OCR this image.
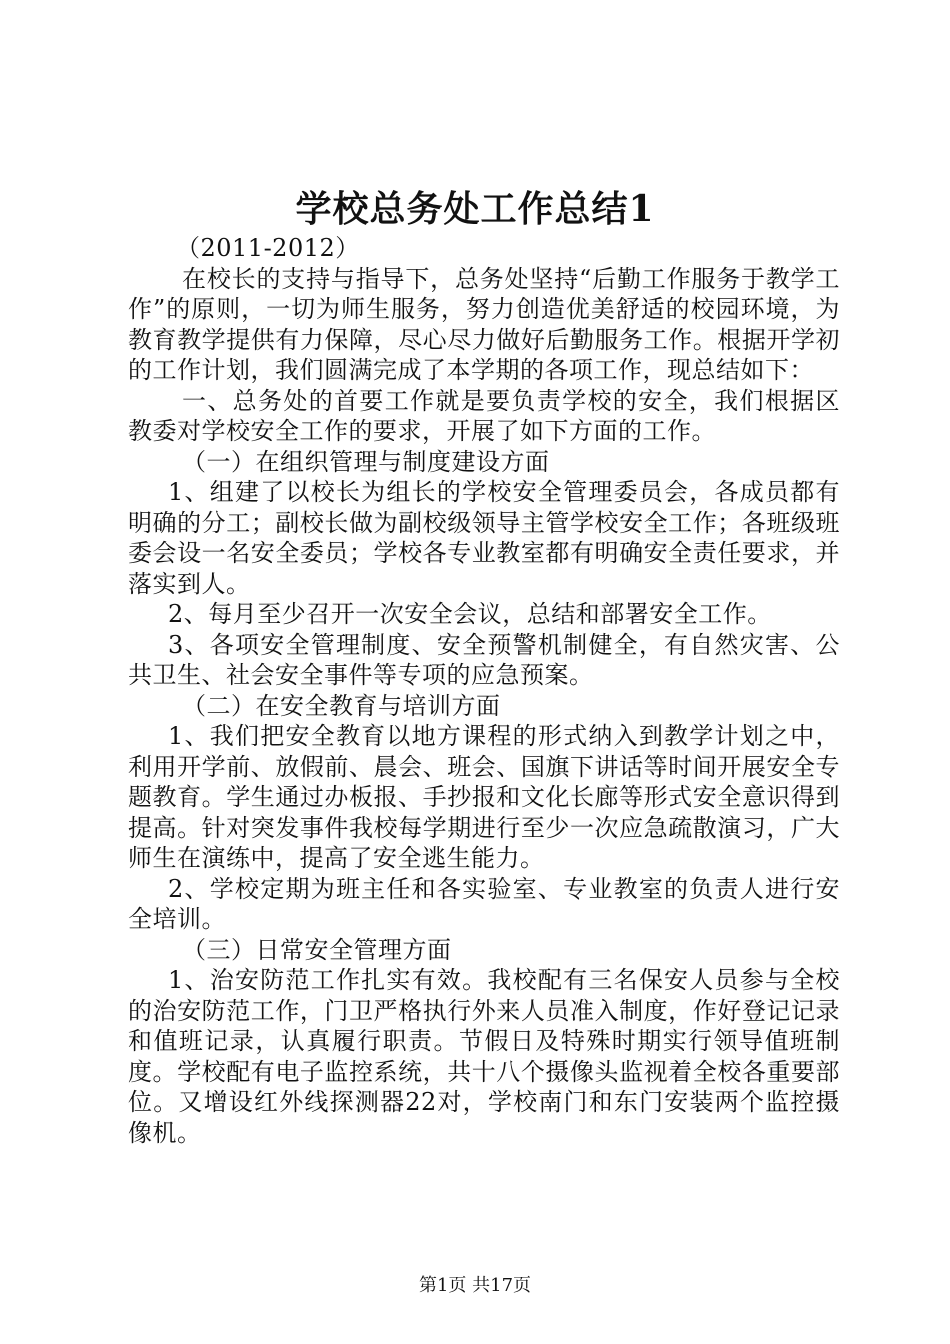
学校总务处工作总结1

（2011-2012）

在校长的支持与指导下，总务处坚持“后勤工作服务于教学工作”的原则，一切为师生服务，努力创造优美舒适的校园环境，为教育教学提供有力保障，尽心尽力做好后勤服务工作。根据开学初的工作计划，我们圆满完成了本学期的各项工作，现总结如下：

一、总务处的首要工作就是要负责学校的安全，我们根据区教委对学校安全工作的要求，开展了如下方面的工作。

（一）在组织管理与制度建设方面

1、组建了以校长为组长的学校安全管理委员会，各成员都有明确的分工；副校长做为副校级领导主管学校安全工作；各班级班委会设一名安全委员；学校各专业教室都有明确安全责任要求，并落实到人。

2、每月至少召开一次安全会议，总结和部署安全工作。

3、各项安全管理制度、安全预警机制健全，有自然灾害、公共卫生、社会安全事件等专项的应急预案。

（二）在安全教育与培训方面

1、我们把安全教育以地方课程的形式纳入到教学计划之中，利用开学前、放假前、晨会、班会、国旗下讲话等时间开展安全专题教育。学生通过办板报、手抄报和文化长廊等形式安全意识得到提高。针对突发事件我校每学期进行至少一次应急疏散演习，广大师生在演练中，提高了安全逃生能力。

2、学校定期为班主任和各实验室、专业教室的负责人进行安全培训。

（三）日常安全管理方面

1、治安防范工作扎实有效。我校配有三名保安人员参与全校的治安防范工作，门卫严格执行外来人员准入制度，作好登记记录和值班记录，认真履行职责。节假日及特殊时期实行领导值班制度。学校配有电子监控系统，共十八个摄像头监视着全校各重要部位。又增设红外线探测器22对，学校南门和东门安装两个监控摄像机。

第1页 共17页
